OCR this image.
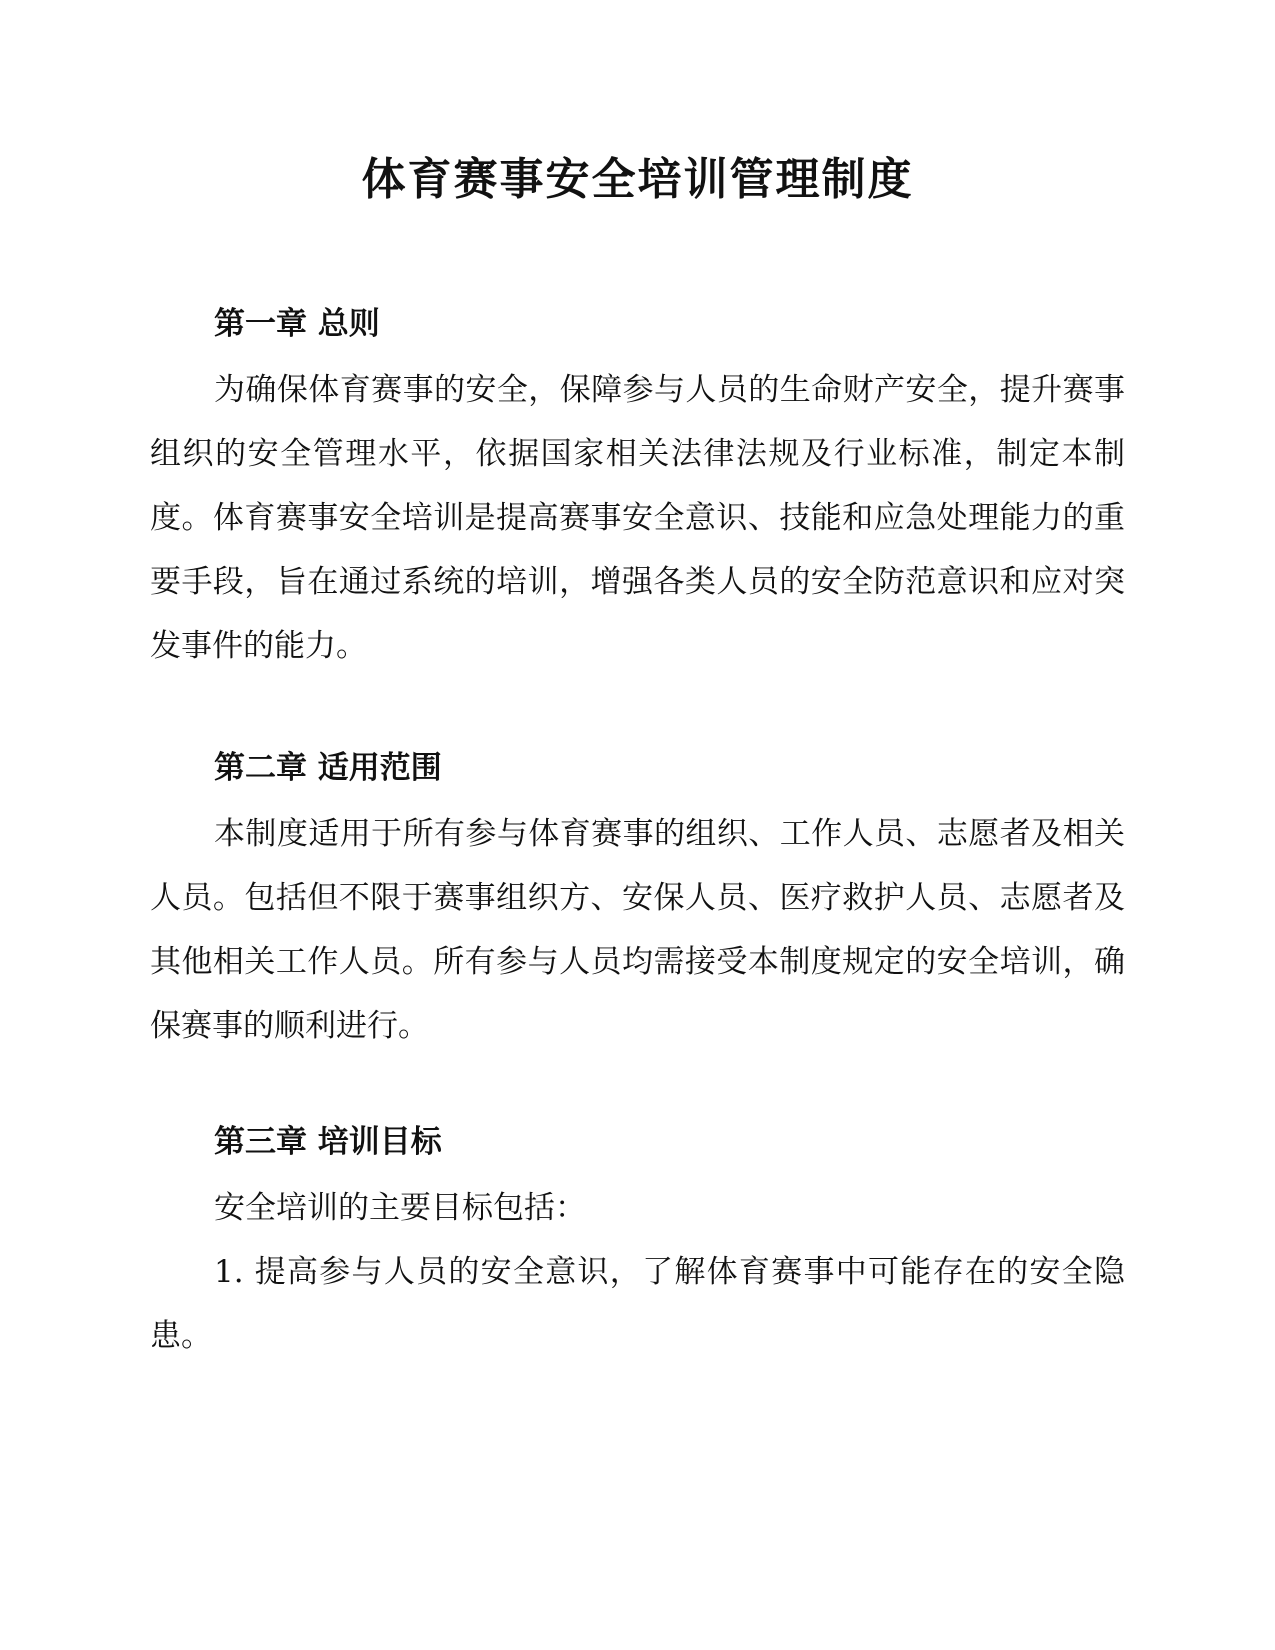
体育赛事安全培训管理制度
第一章 总则

为确保体育赛事的安全，保障参与人员的生命财产安全，提升赛事组织的安全管理水平，依据国家相关法律法规及行业标准，制定本制度。体育赛事安全培训是提高赛事安全意识、技能和应急处理能力的重要手段，旨在通过系统的培训，增强各类人员的安全防范意识和应对突发事件的能力。

第二章 适用范围

本制度适用于所有参与体育赛事的组织、工作人员、志愿者及相关人员。包括但不限于赛事组织方、安保人员、医疗救护人员、志愿者及其他相关工作人员。所有参与人员均需接受本制度规定的安全培训，确保赛事的顺利进行。

第三章 培训目标

安全培训的主要目标包括：

1. 提高参与人员的安全意识，了解体育赛事中可能存在的安全隐患。
